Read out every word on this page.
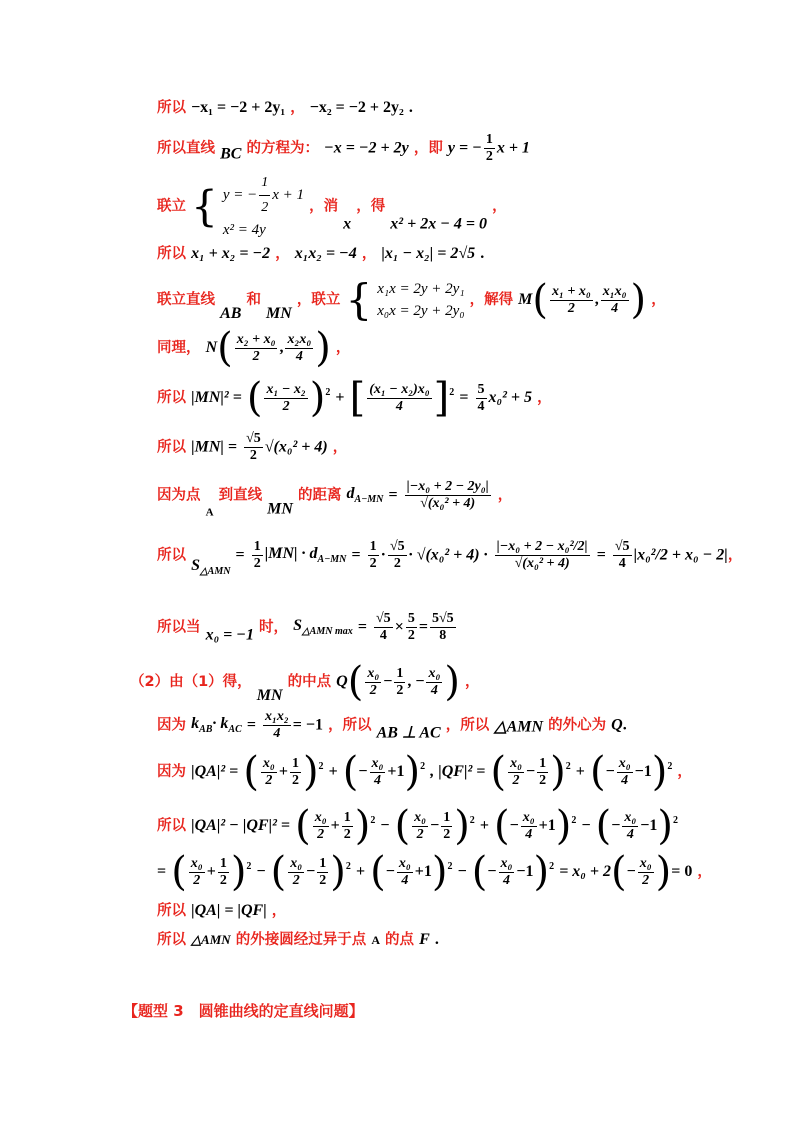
所以 −x₁ = −2 + 2y₁ ， −x₂ = −2 + 2y₂ .
所以直线 BC 的方程为： −x = −2 + 2y ，即 y = − $\frac{1}{2}$ x + 1
联立 { y = − $\frac{1}{2}$ x + 1
x² = 4y
，消 x ，得 x² + 2x − 4 = 0 ，
所以 x₁ + x₂ = −2 ， x₁x₂ = −4 ， |x₁ − x₂| = 2√5 .
联立直线 AB 和 MN ，联立 { x₁x = 2y + 2y₁
x₀x = 2y + 2y₀
，解得 $M( \frac{\text{x₁ + x₀}}{2}$ , $\frac{\text{x₁x₀}}{4}$ ) ，
同理， $N( \frac{\text{x₂ + x₀}}{2}$ , $\frac{\text{x₂x₀}}{4}$ ) ，
所以 |MN|² = ( $\frac{\text{x₁ − x₂}}{2} )^2$ + [ $\frac{\text{(x₁ − x₂)x₀}}{4} ]^2 = \frac{5}{4} x_0^2 + 5$ ，
所以 $|MN| = \frac{√5}{2} √(x_0^2 + 4)$ ，
因为点 $_A$ 到直线 MN 的距离 $d_{A-MN} = \frac{\text{|−x₀ + 2 − 2y₀|}}{\text{√(x₀² + 4)}}$ ，
所以 $S_{\triangle AMN} = \frac{1}{2} |MN| \cdot d_{A-MN} = \frac{1}{2} \cdot \frac{√5}{2} \cdot √(x_0^2 + 4) \cdot \frac{\text{|−x₀ + 2 − x₀²/2|}}{\text{√(x₀² + 4)}} = \frac{√5}{4} |x_0^2/2 + x_0 - 2|$，
所以当 x₀ = −1 时， $S_{\triangle AMN max} = \frac{√5}{4} \times \frac{5}{2} = \frac{5√5}{8}$
（2）由（1）得， MN 的中点 $Q( \frac{\text{x₀}}{2} - \frac{1}{2}$ , − $\frac{\text{x₀}}{4}$ ) ，
因为 $k_{AB}\cdot k_{AC} = \frac{\text{x₁x₂}}{4} = -1$ ，所以 AB ⊥ AC ，所以 △AMN 的外心为 Q.
因为 |QA|² = ( $\frac{\text{x₀}}{2} + \frac{1}{2} )^2$ + (− $\frac{\text{x₀}}{4} +1)^2$ , |QF|² = ( $\frac{\text{x₀}}{2} - \frac{1}{2} )^2$ + (− $\frac{\text{x₀}}{4} -1)^2$ ，
所以 |QA|² − |QF|² = ( $\frac{\text{x₀}}{2} + \frac{1}{2} )^2$ − ( $\frac{\text{x₀}}{2} - \frac{1}{2} )^2$ + (− $\frac{\text{x₀}}{4} +1)^2$ − (− $\frac{\text{x₀}}{4} -1)^2$
= ( $\frac{\text{x₀}}{2} + \frac{1}{2} )^2$ − ( $\frac{\text{x₀}}{2} - \frac{1}{2} )^2$ + (− $\frac{\text{x₀}}{4} +1)^2$ − (− $\frac{\text{x₀}}{4} -1)^2 = x_0 + 2(- \frac{\text{x₀}}{2}$ )= 0 ，
所以 |QA| = |QF| ，
所以 △AMN 的外接圆经过异于点 A 的点 F .
【题型 3　圆锥曲线的定直线问题】
